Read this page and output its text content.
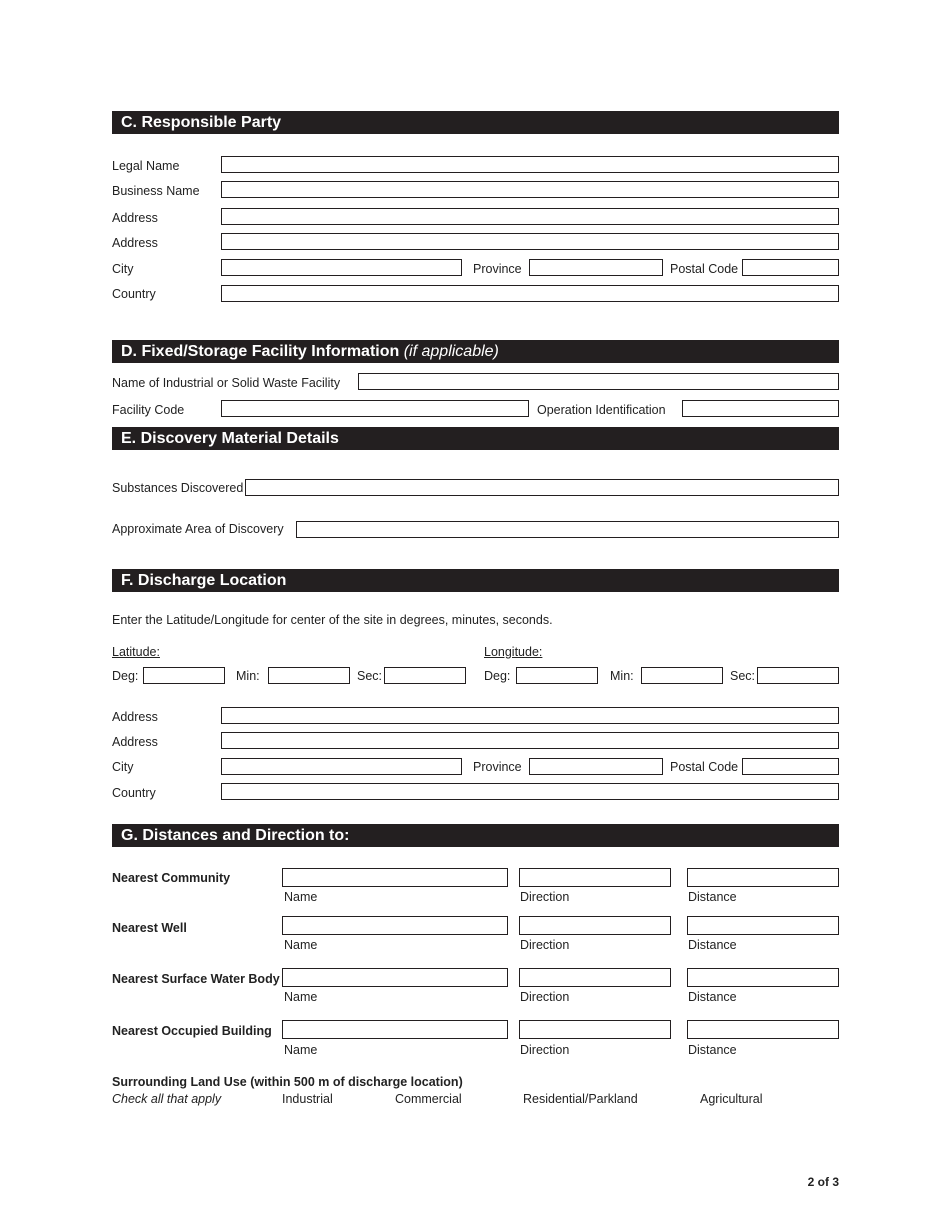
C. Responsible Party
Legal Name
Business Name
Address
Address
City	Province	Postal Code
Country
D. Fixed/Storage Facility Information (if applicable)
Name of Industrial or Solid Waste Facility
Facility Code	Operation Identification
E. Discovery Material Details
Substances Discovered
Approximate Area of Discovery
F. Discharge Location
Enter the Latitude/Longitude for center of the site in degrees, minutes, seconds.
Latitude:	Longitude:
Deg:	Min:	Sec:	Deg:	Min:	Sec:
Address
Address
City	Province	Postal Code
Country
G. Distances and Direction to:
Nearest Community
Name	Direction	Distance
Nearest Well
Name	Direction	Distance
Nearest Surface Water Body
Name	Direction	Distance
Nearest Occupied Building
Name	Direction	Distance
Surrounding Land Use (within 500 m of discharge location)
Check all that apply	Industrial	Commercial	Residential/Parkland	Agricultural
2 of 3
